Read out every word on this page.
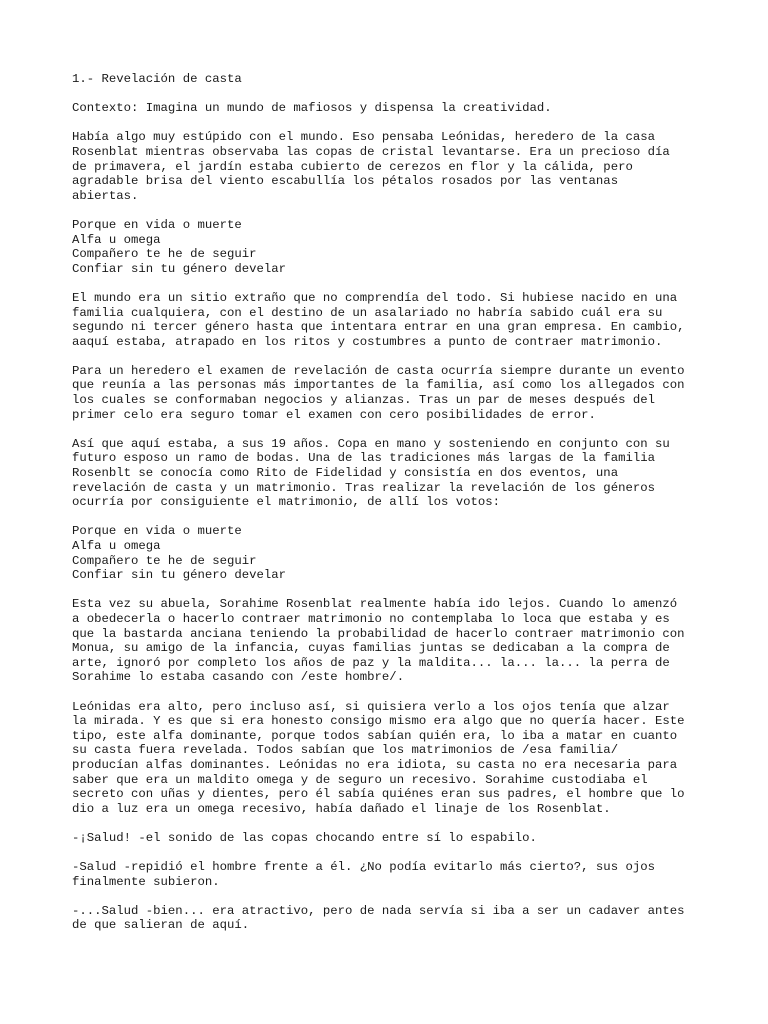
1.- Revelación de casta

Contexto: Imagina un mundo de mafiosos y dispensa la creatividad.

Había algo muy estúpido con el mundo. Eso pensaba Leónidas, heredero de la casa
Rosenblat mientras observaba las copas de cristal levantarse. Era un precioso día
de primavera, el jardín estaba cubierto de cerezos en flor y la cálida, pero
agradable brisa del viento escabullía los pétalos rosados por las ventanas
abiertas.

Porque en vida o muerte
Alfa u omega
Compañero te he de seguir
Confiar sin tu género develar

El mundo era un sitio extraño que no comprendía del todo. Si hubiese nacido en una
familia cualquiera, con el destino de un asalariado no habría sabido cuál era su
segundo ni tercer género hasta que intentara entrar en una gran empresa. En cambio,
aaquí estaba, atrapado en los ritos y costumbres a punto de contraer matrimonio.

Para un heredero el examen de revelación de casta ocurría siempre durante un evento
que reunía a las personas más importantes de la familia, así como los allegados con
los cuales se conformaban negocios y alianzas. Tras un par de meses después del
primer celo era seguro tomar el examen con cero posibilidades de error.

Así que aquí estaba, a sus 19 años. Copa en mano y sosteniendo en conjunto con su
futuro esposo un ramo de bodas. Una de las tradiciones más largas de la familia
Rosenblt se conocía como Rito de Fidelidad y consistía en dos eventos, una
revelación de casta y un matrimonio. Tras realizar la revelación de los géneros
ocurría por consiguiente el matrimonio, de allí los votos:

Porque en vida o muerte
Alfa u omega
Compañero te he de seguir
Confiar sin tu género develar

Esta vez su abuela, Sorahime Rosenblat realmente había ido lejos. Cuando lo amenzó
a obedecerla o hacerlo contraer matrimonio no contemplaba lo loca que estaba y es
que la bastarda anciana teniendo la probabilidad de hacerlo contraer matrimonio con
Monua, su amigo de la infancia, cuyas familias juntas se dedicaban a la compra de
arte, ignoró por completo los años de paz y la maldita... la... la... la perra de
Sorahime lo estaba casando con /este hombre/.

Leónidas era alto, pero incluso así, si quisiera verlo a los ojos tenía que alzar
la mirada. Y es que si era honesto consigo mismo era algo que no quería hacer. Este
tipo, este alfa dominante, porque todos sabían quién era, lo iba a matar en cuanto
su casta fuera revelada. Todos sabían que los matrimonios de /esa familia/
producían alfas dominantes. Leónidas no era idiota, su casta no era necesaria para
saber que era un maldito omega y de seguro un recesivo. Sorahime custodiaba el
secreto con uñas y dientes, pero él sabía quiénes eran sus padres, el hombre que lo
dio a luz era un omega recesivo, había dañado el linaje de los Rosenblat.

-¡Salud! -el sonido de las copas chocando entre sí lo espabilo.

-Salud -repidió el hombre frente a él. ¿No podía evitarlo más cierto?, sus ojos
finalmente subieron.

-...Salud -bien... era atractivo, pero de nada servía si iba a ser un cadaver antes
de que salieran de aquí.
